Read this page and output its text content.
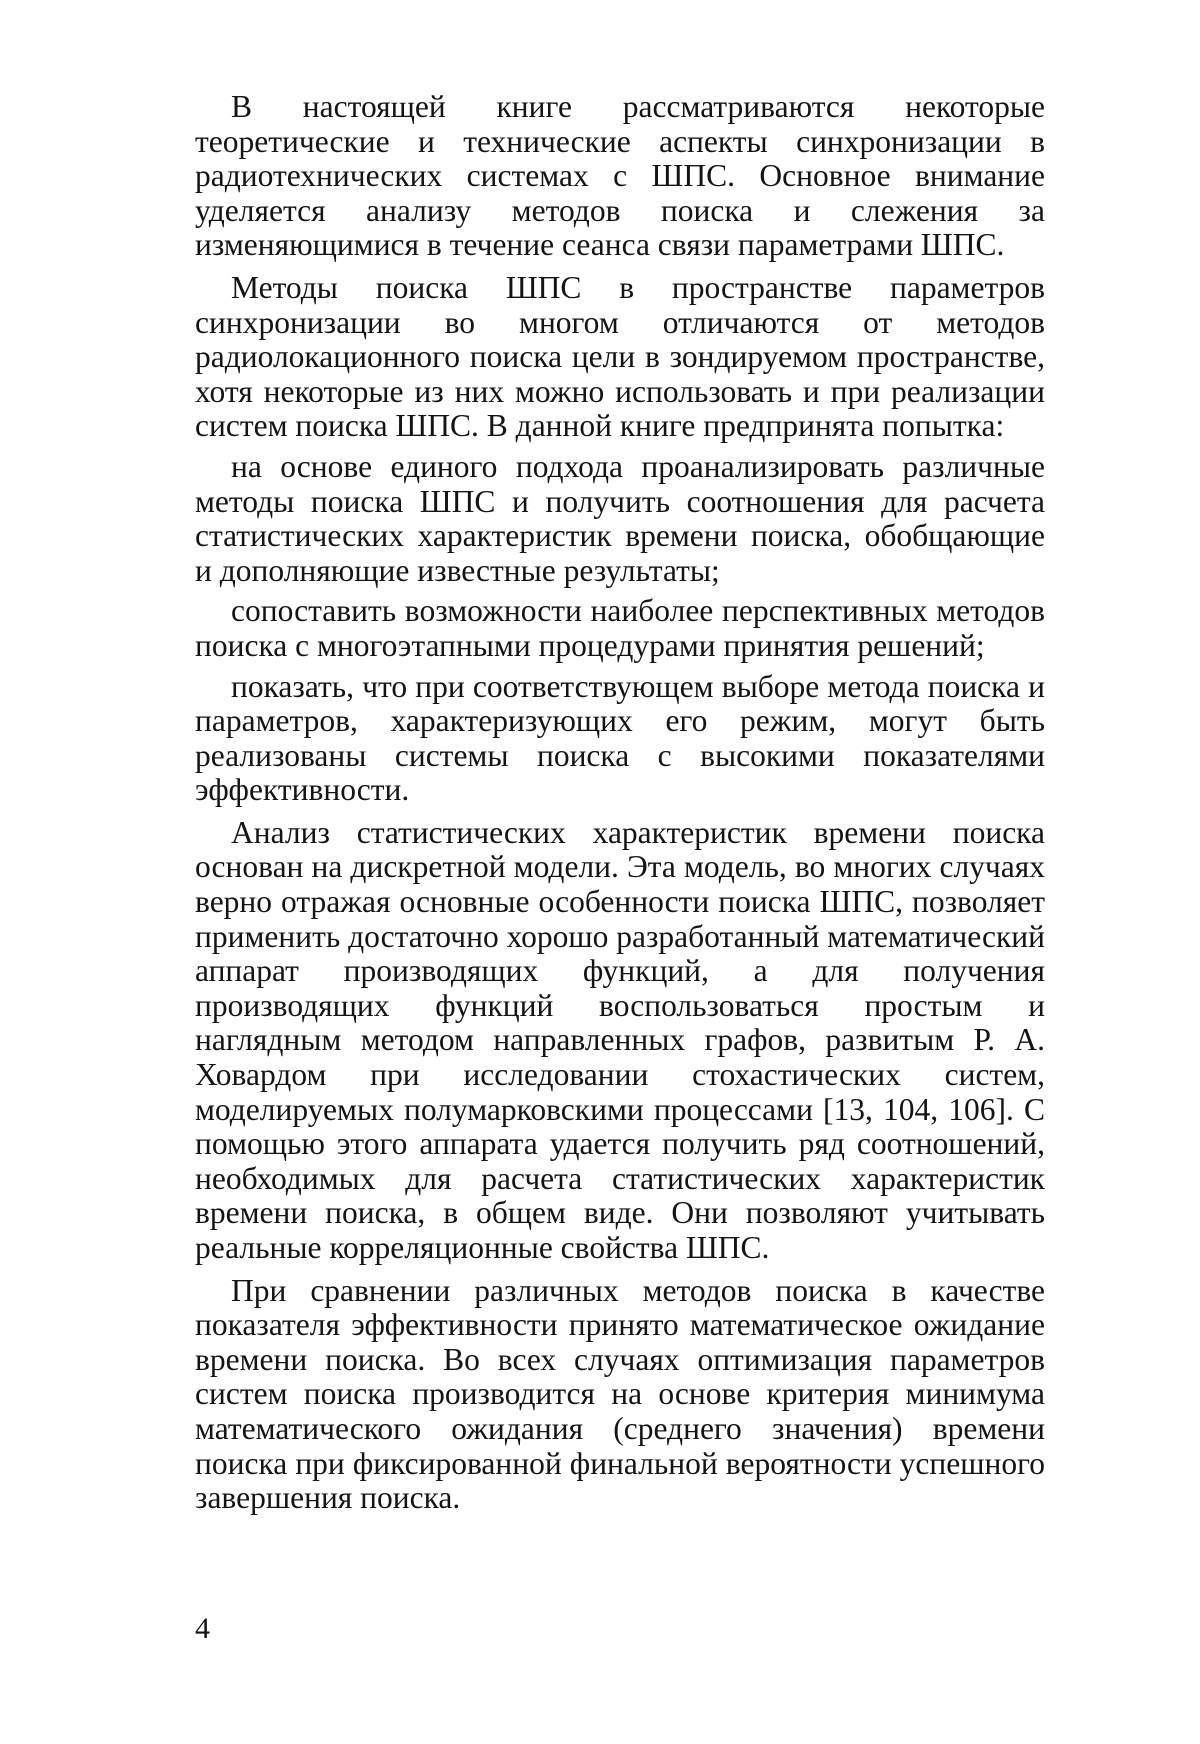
В настоящей книге рассматриваются некоторые теоретические и технические аспекты синхронизации в радиотехнических системах с ШПС. Основное внимание уделяется анализу методов поиска и слежения за изменяющимися в течение сеанса связи параметрами ШПС.

Методы поиска ШПС в пространстве параметров синхронизации во многом отличаются от методов радиолокационного поиска цели в зондируемом пространстве, хотя некоторые из них можно использовать и при реализации систем поиска ШПС. В данной книге предпринята попытка:

на основе единого подхода проанализировать различные методы поиска ШПС и получить соотношения для расчета статистических характеристик времени поиска, обобщающие и дополняющие известные результаты;

сопоставить возможности наиболее перспективных методов поиска с многоэтапными процедурами принятия решений;

показать, что при соответствующем выборе метода поиска и параметров, характеризующих его режим, могут быть реализованы системы поиска с высокими показателями эффективности.

Анализ статистических характеристик времени поиска основан на дискретной модели. Эта модель, во многих случаях верно отражая основные особенности поиска ШПС, позволяет применить достаточно хорошо разработанный математический аппарат производящих функций, а для получения производящих функций воспользоваться простым и наглядным методом направленных графов, развитым Р. А. Ховардом при исследовании стохастических систем, моделируемых полумарковскими процессами [13, 104, 106]. С помощью этого аппарата удается получить ряд соотношений, необходимых для расчета статистических характеристик времени поиска, в общем виде. Они позволяют учитывать реальные корреляционные свойства ШПС.

При сравнении различных методов поиска в качестве показателя эффективности принято математическое ожидание времени поиска. Во всех случаях оптимизация параметров систем поиска производится на основе критерия минимума математического ожидания (среднего значения) времени поиска при фиксированной финальной вероятности успешного завершения поиска.

4
